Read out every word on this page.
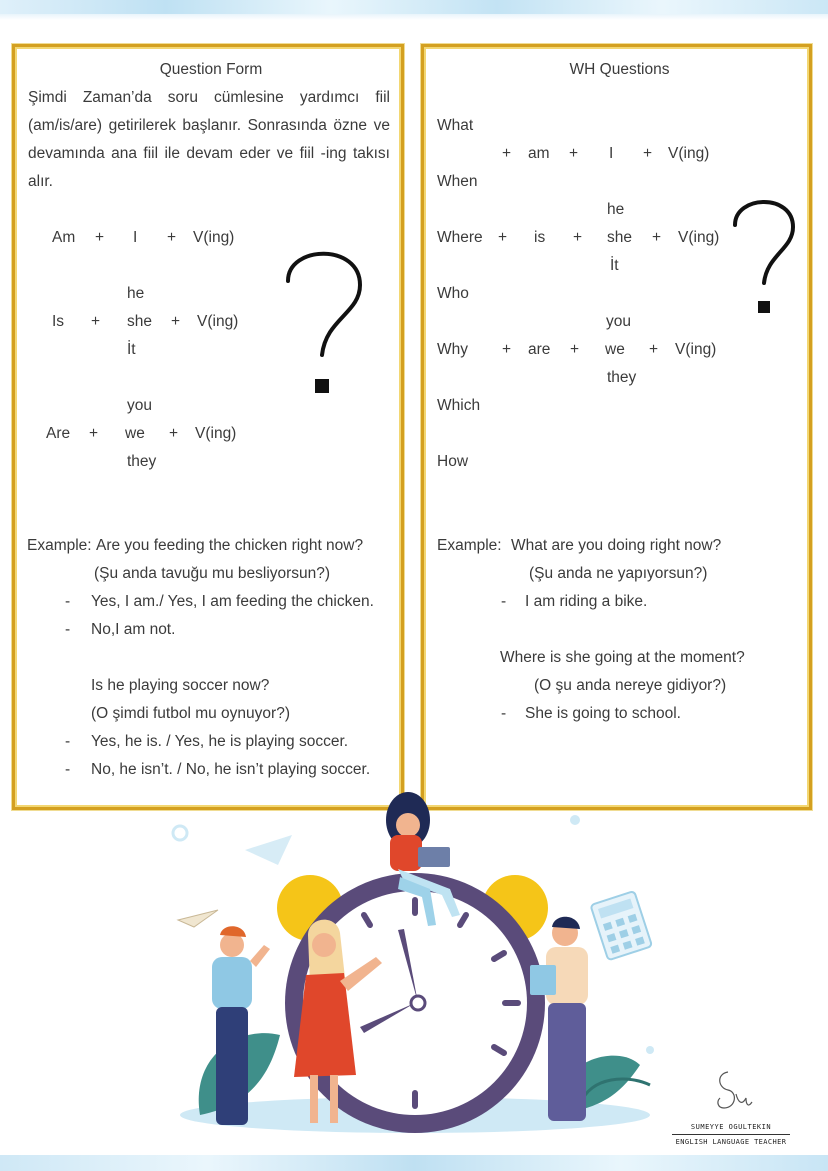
Question Form
Şimdi Zaman’da soru cümlesine yardımcı fiil (am/is/are) getirilerek başlanır. Sonrasında özne ve devamında ana fiil ile devam eder ve fiil -ing takısı alır.
Am + I + V(ing)
he
Is + she + V(ing)
İt
you
Are + we + V(ing)
they
Example: Are you feeding the chicken right now?
(Şu anda tavuğu mu besliyorsun?)
- Yes, I am./ Yes, I am feeding the chicken.
- No,I am not.
Is he playing soccer now?
(O şimdi futbol mu oynuyor?)
- Yes, he is. / Yes, he is playing soccer.
- No, he isn’t. / No, he isn’t playing soccer.
WH Questions
What
+ am + I + V(ing)
When
he
Where + is + she + V(ing)
İt
Who
you
Why + are + we + V(ing)
they
Which
How
Example: What are you doing right now?
(Şu anda ne yapıyorsun?)
- I am riding a bike.
Where is she going at the moment?
(O şu anda nereye gidiyor?)
- She is going to school.
SUMEYYE OGULTEKIN
ENGLISH LANGUAGE TEACHER
